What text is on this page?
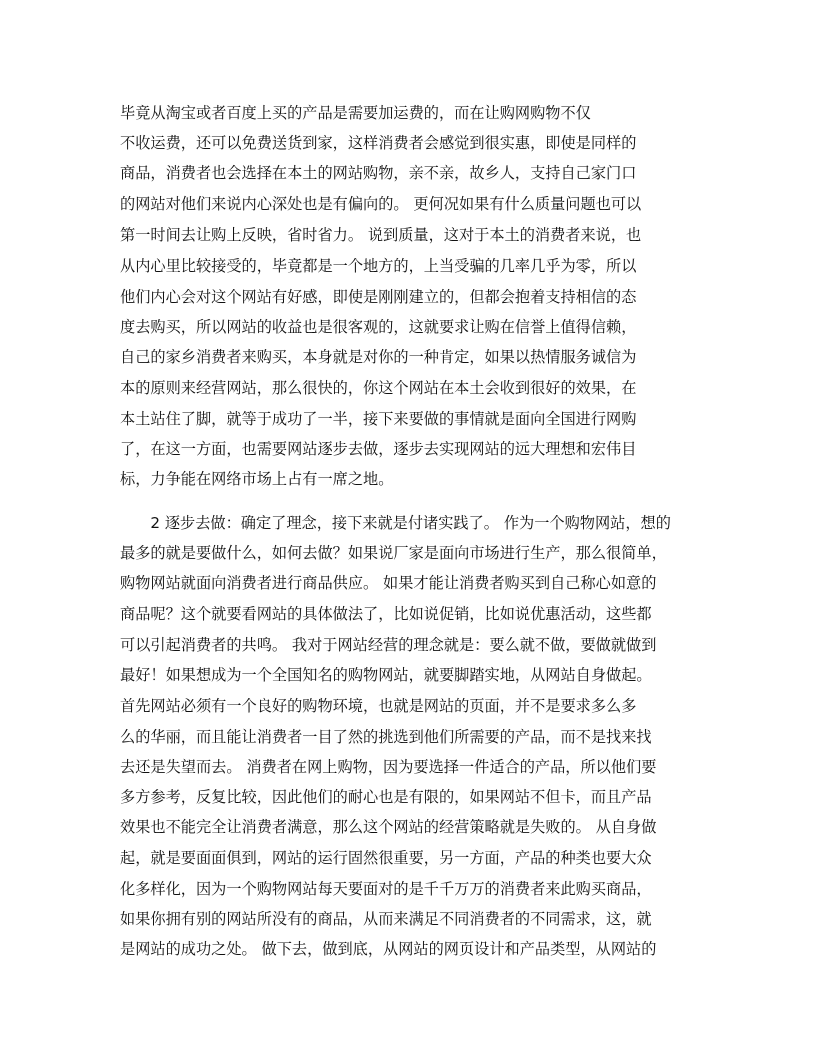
毕竟从淘宝或者百度上买的产品是需要加运费的，而在让购网购物不仅
不收运费，还可以免费送货到家，这样消费者会感觉到很实惠，即使是同样的
商品，消费者也会选择在本土的网站购物，亲不亲，故乡人，支持自己家门口
的网站对他们来说内心深处也是有偏向的。 更何况如果有什么质量问题也可以
第一时间去让购上反映，省时省力。 说到质量，这对于本土的消费者来说，也
从内心里比较接受的，毕竟都是一个地方的，上当受骗的几率几乎为零，所以
他们内心会对这个网站有好感，即使是刚刚建立的，但都会抱着支持相信的态
度去购买，所以网站的收益也是很客观的，这就要求让购在信誉上值得信赖，
自己的家乡消费者来购买，本身就是对你的一种肯定，如果以热情服务诚信为
本的原则来经营网站，那么很快的，你这个网站在本土会收到很好的效果，在
本土站住了脚，就等于成功了一半，接下来要做的事情就是面向全国进行网购
了，在这一方面，也需要网站逐步去做，逐步去实现网站的远大理想和宏伟目
标，力争能在网络市场上占有一席之地。
　　2 逐步去做：确定了理念，接下来就是付诸实践了。 作为一个购物网站，想的
最多的就是要做什么，如何去做？如果说厂家是面向市场进行生产，那么很简单，
购物网站就面向消费者进行商品供应。 如果才能让消费者购买到自己称心如意的
商品呢？这个就要看网站的具体做法了，比如说促销，比如说优惠活动，这些都
可以引起消费者的共鸣。 我对于网站经营的理念就是：要么就不做，要做就做到
最好！如果想成为一个全国知名的购物网站，就要脚踏实地，从网站自身做起。
首先网站必须有一个良好的购物环境，也就是网站的页面，并不是要求多么多
么的华丽，而且能让消费者一目了然的挑选到他们所需要的产品，而不是找来找
去还是失望而去。 消费者在网上购物，因为要选择一件适合的产品，所以他们要
多方参考，反复比较，因此他们的耐心也是有限的，如果网站不但卡，而且产品
效果也不能完全让消费者满意，那么这个网站的经营策略就是失败的。 从自身做
起，就是要面面俱到，网站的运行固然很重要，另一方面，产品的种类也要大众
化多样化，因为一个购物网站每天要面对的是千千万万的消费者来此购买商品，
如果你拥有别的网站所没有的商品，从而来满足不同消费者的不同需求，这，就
是网站的成功之处。 做下去，做到底，从网站的网页设计和产品类型，从网站的
